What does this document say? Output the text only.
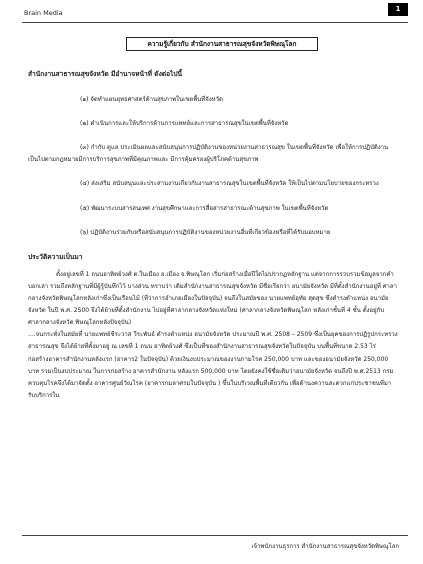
Brain Media	1
ความรู้เกี่ยวกับ สำนักงานสาธารณสุขจังหวัดพิษณุโลก

สำนักงานสาธารณสุขจังหวัด มีอำนาจหน้าที่ ดังต่อไปนี้

(๑) จัดทำแผนยุทธศาสตร์ด้านสุขภาพในเขตพื้นที่จังหวัด

(๒) ดำเนินการและให้บริการด้านการแพทย์และการสาธารณสุขในเขตพื้นที่จังหวัด

(๓) กำกับ ดูแล ประเมินผลและสนับสนุนการปฏิบัติงานของหน่วยงานสาธารณสุข ในเขตพื้นที่จังหวัด เพื่อให้การปฏิบัติงานเป็นไปตามกฎหมายมีการบริการสุขภาพที่มีคุณภาพและ มีการคุ้มครองผู้บริโภคด้านสุขภาพ

(๔) ส่งเสริม สนับสนุนและประสานงานเกี่ยวกับงานสาธารณสุขในเขตพื้นที่จังหวัด ให้เป็นไปตามนโยบายของกระทรวง

(๕) พัฒนาระบบสารสนเทศ งานสุขศึกษาและการสื่อสารสาธารณะด้านสุขภาพ ในเขตพื้นที่จังหวัด

(๖) ปฏิบัติงานร่วมกับหรือสนับสนุนการปฏิบัติงานของหน่วยงานอื่นที่เกี่ยวข้องหรือที่ได้รับมอบหมาย

ประวัติความเป็นมา

ตั้งอยู่เลขที่ 1 ถนนอาทิตย์วงศ์ ต.ในเมือง อ.เมือง จ.พิษณุโลก เริ่มก่อสร้างเมื่อปีใดไม่ปรากฏหลักฐาน แต่จากการรวบรวมข้อมูลจากคำบอกเล่า รวมถึงหลักฐานที่มีผู้รู้บันทึกไว้ บางส่วน ทราบว่า เดิมสำนักงานสาธารณสุขจังหวัด มีชื่อเรียกว่า อนามัยจังหวัด มีที่ตั้งสำนักงานอยู่ที่ ศาลากลางจังหวัดพิษณุโลกหลังเก่าซึ่งเป็นเรือนไม้ (ที่ว่าการอำเภอเมืองในปัจจุบัน) จนถึงในสมัยของ นายแพทย์อุทัย สุดสุข ซึ่งดำรงตำแหน่ง อนามัยจังหวัด ในปี พ.ศ. 2500 จึงได้ย้ายที่ตั้งสำนักงาน ไปอยู่ที่ศาลากลางจังหวัดแห่งใหม่ (ศาลากลางจังหวัดพิษณุโลก หลังเก่าชั้นที่ 4 ชั้น ตั้งอยู่กับศาลากลางจังหวัด พิษณุโลกหลังปัจจุบัน)

....จนกระทั่งในสมัยที่ นายแพทย์ชีระวาส วีระพันธ์ ดำรงตำแหน่ง อนามัยจังหวัด ประมาณปี พ.ศ. 2508 – 2509 ซึ่งเป็นยุคของการปฏิรูปกระทรวงสาธารณสุข จึงได้ย้ายที่ตั้งมาอยู่ ณ เลขที่ 1 ถนน อาทิตย์วงศ์ ซึ่งเป็นที่ของสำนักงานสาธารณสุขจังหวัดในปัจจุบัน บนพื้นที่ขนาด 2.53 ไร่ ก่อสร้างอาคารสำนักงานหลังแรก (อาคาร2 ในปัจจุบัน) ด้วยเงินงบประมาณของงานกามโรค 250,000 บาท และของอนามัยจังหวัด 250,000 บาท รวมเป็นงบประมาณ ในการก่อสร้าง อาคารสำนักงาน หลังแรก 500,000 บาท โดยยังคงใช้ชื่อเดิมว่าอนามัยจังหวัด จนถึงปี พ.ศ.2513 กรมควบคุมโรคจึงได้มาจัดตั้ง อาคารศูนย์วัณโรค (อาคารกมลาศรมในปัจจุบัน ) ขึ้นในบริเวณพื้นที่เดียวกัน เพื่อด้านงควานสะดวกแก่ประชาชนที่มารับบริการใน

เจ้าพนักงานธุรการ สำนักงานสาธารณสุขจังหวัดพิษณุโลก
